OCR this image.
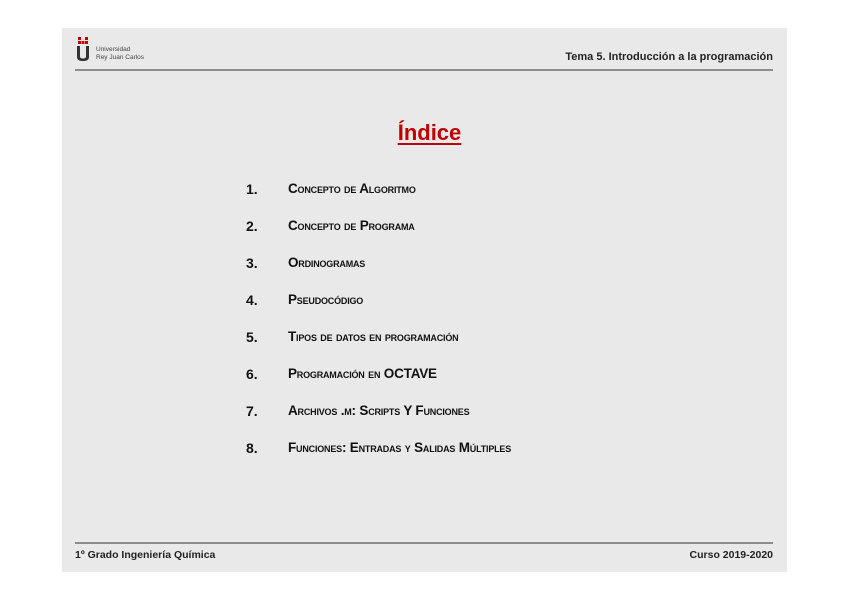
Universidad
Rey Juan Carlos	Tema 5. Introducción a la programación
Índice
1.	Concepto de Algoritmo
2.	Concepto de Programa
3.	Ordinogramas
4.	Pseudocódigo
5.	Tipos de datos en programación
6.	Programación en OCTAVE
7.	Archivos .m: Scripts Y Funciones
8.	Funciones: Entradas y Salidas Múltiples
1º Grado Ingeniería Química	Curso 2019-2020
